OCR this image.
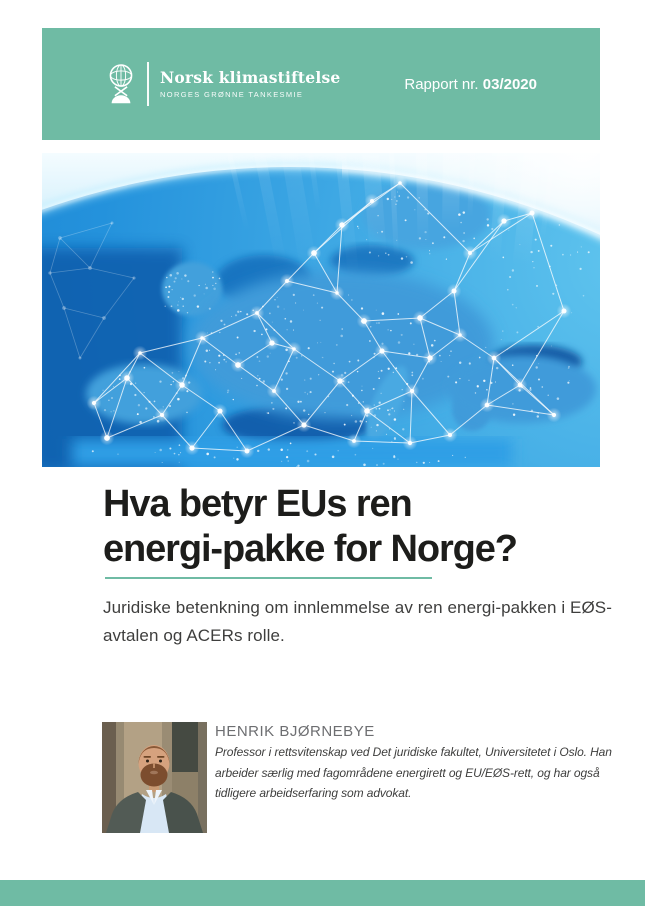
Norsk klimastiftelse
NORGES GRØNNE TANKESMIE
Rapport nr. 03/2020
Hva betyr EUs ren
energi-pakke for Norge?

Juridiske betenkning om innlemmelse av ren energi-pakken i EØS-avtalen og ACERs rolle.

HENRIK BJØRNEBYE

Professor i rettsvitenskap ved Det juridiske fakultet, Universitetet i Oslo. Han arbeider særlig med fagområdene energirett og EU/EØS-rett, og har også tidligere arbeidserfaring som advokat.
